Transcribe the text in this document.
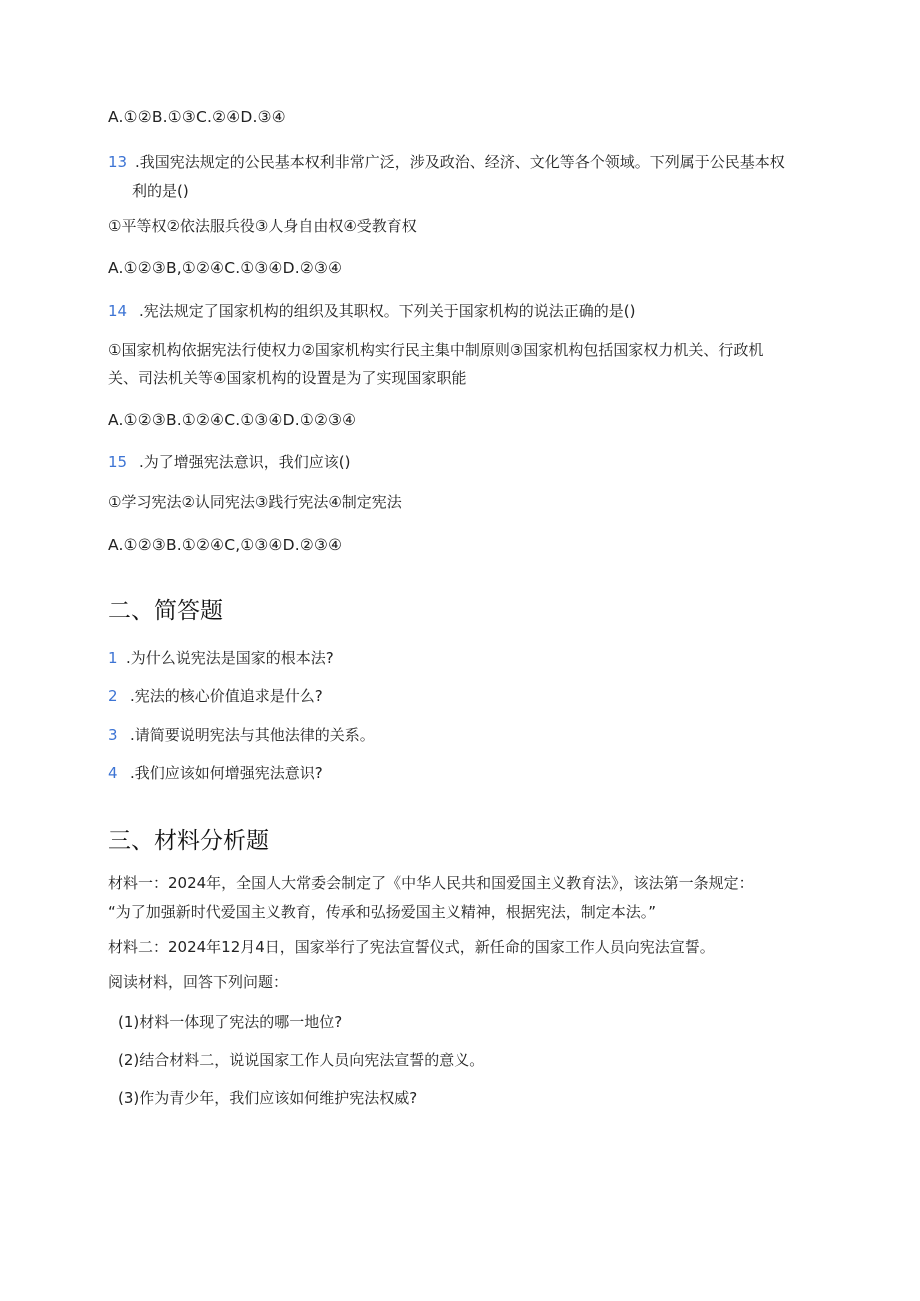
A.①②B.①③C.②④D.③④
13 .我国宪法规定的公民基本权利非常广泛，涉及政治、经济、文化等各个领域。下列属于公民基本权
利的是()
①平等权②依法服兵役③人身自由权④受教育权
A.①②③B,①②④C.①③④D.②③④
14 .宪法规定了国家机构的组织及其职权。下列关于国家机构的说法正确的是()
①国家机构依据宪法行使权力②国家机构实行民主集中制原则③国家机构包括国家权力机关、行政机
关、司法机关等④国家机构的设置是为了实现国家职能
A.①②③B.①②④C.①③④D.①②③④
15 .为了增强宪法意识，我们应该()
①学习宪法②认同宪法③践行宪法④制定宪法
A.①②③B.①②④C,①③④D.②③④
二、简答题
1 .为什么说宪法是国家的根本法?
2 .宪法的核心价值追求是什么?
3 .请简要说明宪法与其他法律的关系。
4 .我们应该如何增强宪法意识?
三、材料分析题
材料一：2024年，全国人大常委会制定了《中华人民共和国爱国主义教育法》，该法第一条规定：
“为了加强新时代爱国主义教育，传承和弘扬爱国主义精神，根据宪法，制定本法。”
材料二：2024年12月4日，国家举行了宪法宣誓仪式，新任命的国家工作人员向宪法宣誓。
阅读材料，回答下列问题：
(1)材料一体现了宪法的哪一地位?
(2)结合材料二，说说国家工作人员向宪法宣誓的意义。
(3)作为青少年，我们应该如何维护宪法权威?
